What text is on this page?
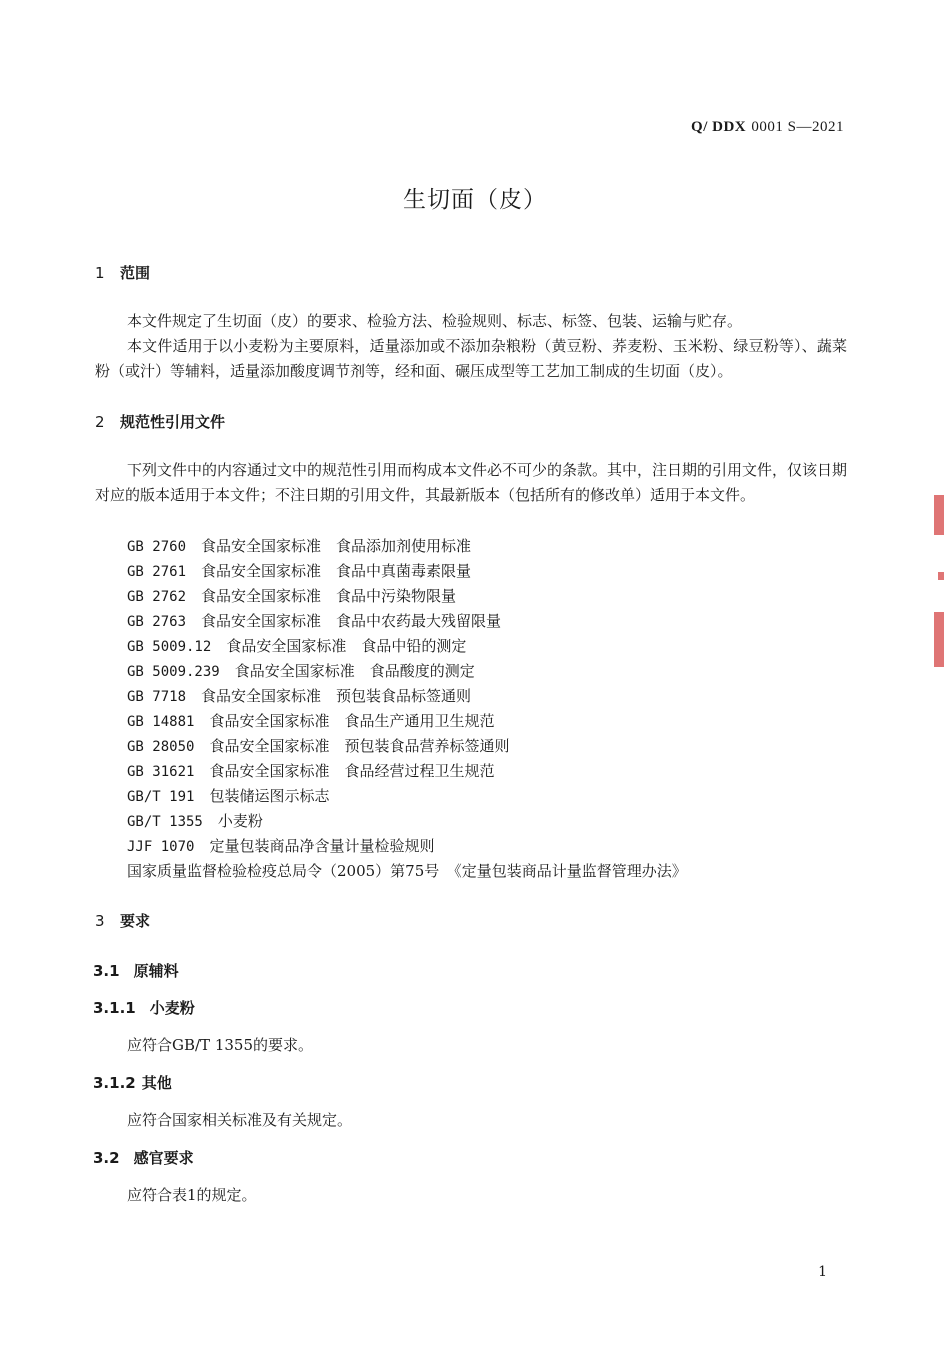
Q/ DDX 0001 S—2021
生切面（皮）
1 范围
本文件规定了生切面（皮）的要求、检验方法、检验规则、标志、标签、包装、运输与贮存。
本文件适用于以小麦粉为主要原料，适量添加或不添加杂粮粉（黄豆粉、荞麦粉、玉米粉、绿豆粉等）、蔬菜粉（或汁）等辅料，适量添加酸度调节剂等，经和面、碾压成型等工艺加工制成的生切面（皮）。
2 规范性引用文件
下列文件中的内容通过文中的规范性引用而构成本文件必不可少的条款。其中，注日期的引用文件，仅该日期对应的版本适用于本文件；不注日期的引用文件，其最新版本（包括所有的修改单）适用于本文件。
GB 2760　 食品安全国家标准　食品添加剂使用标准
GB 2761　 食品安全国家标准　食品中真菌毒素限量
GB 2762　 食品安全国家标准　食品中污染物限量
GB 2763　 食品安全国家标准　食品中农药最大残留限量
GB 5009.12　 食品安全国家标准　食品中铅的测定
GB 5009.239　 食品安全国家标准　食品酸度的测定
GB 7718　 食品安全国家标准　预包装食品标签通则
GB 14881　 食品安全国家标准　食品生产通用卫生规范
GB 28050　 食品安全国家标准　预包装食品营养标签通则
GB 31621　 食品安全国家标准　食品经营过程卫生规范
GB/T 191　 包装储运图示标志
GB/T 1355　 小麦粉
JJF 1070　 定量包装商品净含量计量检验规则
国家质量监督检验检疫总局令（2005）第75号　《定量包装商品计量监督管理办法》
3 要求
3.1 原辅料
3.1.1 小麦粉
应符合GB/T 1355的要求。
3.1.2 其他
应符合国家相关标准及有关规定。
3.2 感官要求
应符合表1的规定。
1
